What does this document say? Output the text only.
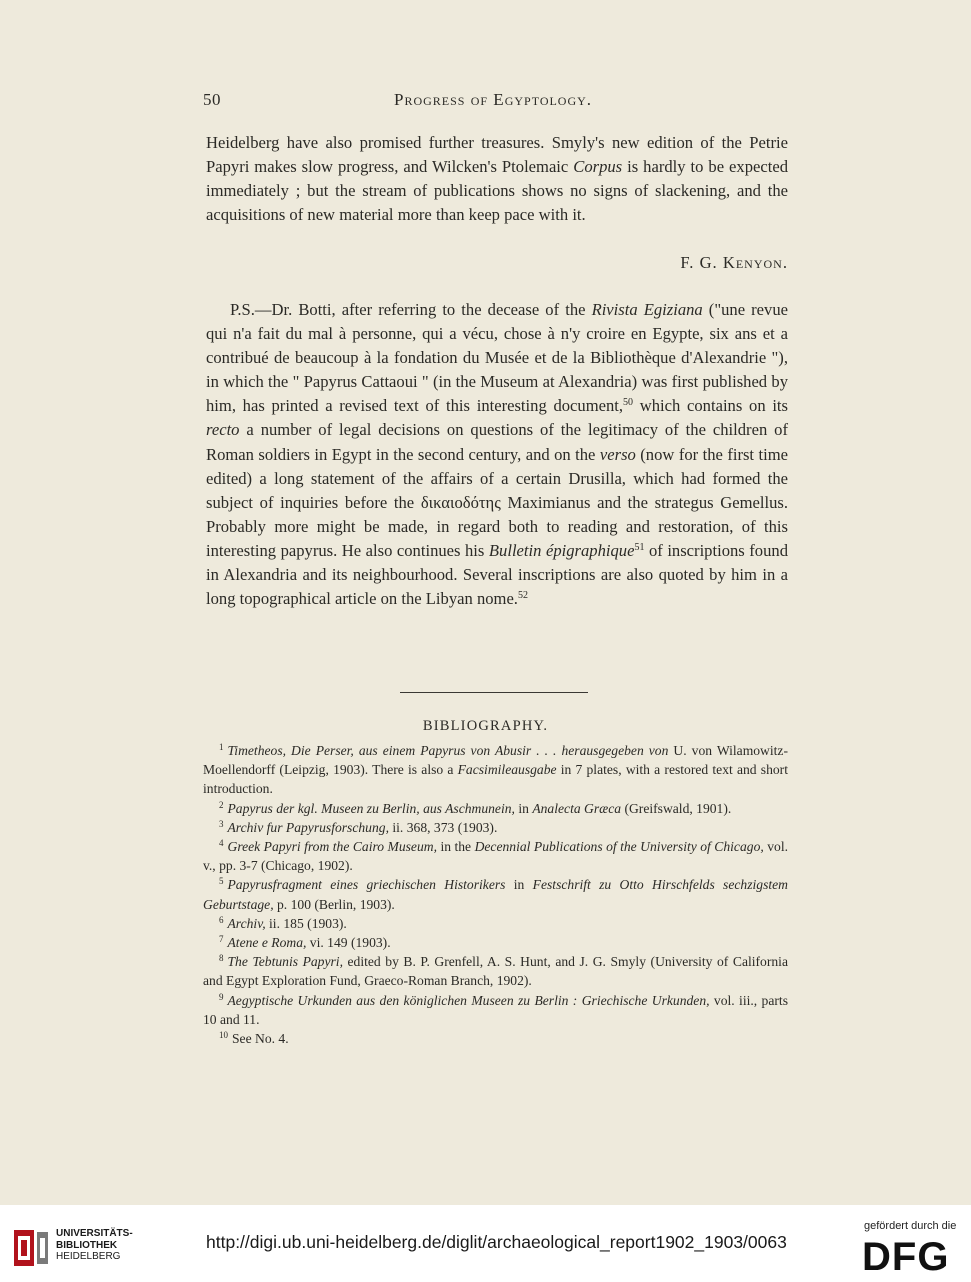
50	Progress of Egyptology.

Heidelberg have also promised further treasures. Smyly's new edition of the Petrie Papyri makes slow progress, and Wilcken's Ptolemaic Corpus is hardly to be expected immediately ; but the stream of publications shows no signs of slackening, and the acquisitions of new material more than keep pace with it.

F. G. Kenyon.

P.S.—Dr. Botti, after referring to the decease of the Rivista Egiziana ("une revue qui n'a fait du mal à personne, qui a vécu, chose à n'y croire en Egypte, six ans et a contribué de beaucoup à la fondation du Musée et de la Bibliothèque d'Alexandrie "), in which the " Papyrus Cattaoui " (in the Museum at Alexandria) was first published by him, has printed a revised text of this interesting document,$^{50}$ which contains on its recto a number of legal decisions on questions of the legitimacy of the children of Roman soldiers in Egypt in the second century, and on the verso (now for the first time edited) a long statement of the affairs of a certain Drusilla, which had formed the subject of inquiries before the δικαιοδότης Maximianus and the strategus Gemellus. Probably more might be made, in regard both to reading and restoration, of this interesting papyrus. He also continues his Bulletin épigraphique$^{51}$ of inscriptions found in Alexandria and its neighbourhood. Several inscriptions are also quoted by him in a long topographical article on the Libyan nome.$^{52}$

BIBLIOGRAPHY.

$^1$ Timetheos, Die Perser, aus einem Papyrus von Abusir . . . herausgegeben von U. von Wilamowitz-Moellendorff (Leipzig, 1903). There is also a Facsimileausgabe in 7 plates, with a restored text and short introduction.

$^2$ Papyrus der kgl. Museen zu Berlin, aus Aschmunein, in Analecta Græca (Greifswald, 1901).

$^3$ Archiv fur Papyrusforschung, ii. 368, 373 (1903).

$^4$ Greek Papyri from the Cairo Museum, in the Decennial Publications of the University of Chicago, vol. v., pp. 3-7 (Chicago, 1902).

$^5$ Papyrusfragment eines griechischen Historikers in Festschrift zu Otto Hirschfelds sechzigstem Geburtstage, p. 100 (Berlin, 1903).

$^6$ Archiv, ii. 185 (1903).

$^7$ Atene e Roma, vi. 149 (1903).

$^8$ The Tebtunis Papyri, edited by B. P. Grenfell, A. S. Hunt, and J. G. Smyly (University of California and Egypt Exploration Fund, Graeco-Roman Branch, 1902).

$^9$ Aegyptische Urkunden aus den königlichen Museen zu Berlin : Griechische Urkunden, vol. iii., parts 10 and 11.

$^{10}$ See No. 4.

UNIVERSITÄTS-
BIBLIOTHEK
HEIDELBERG
http://digi.ub.uni-heidelberg.de/diglit/archaeological_report1902_1903/0063
gefördert durch die
DFG
